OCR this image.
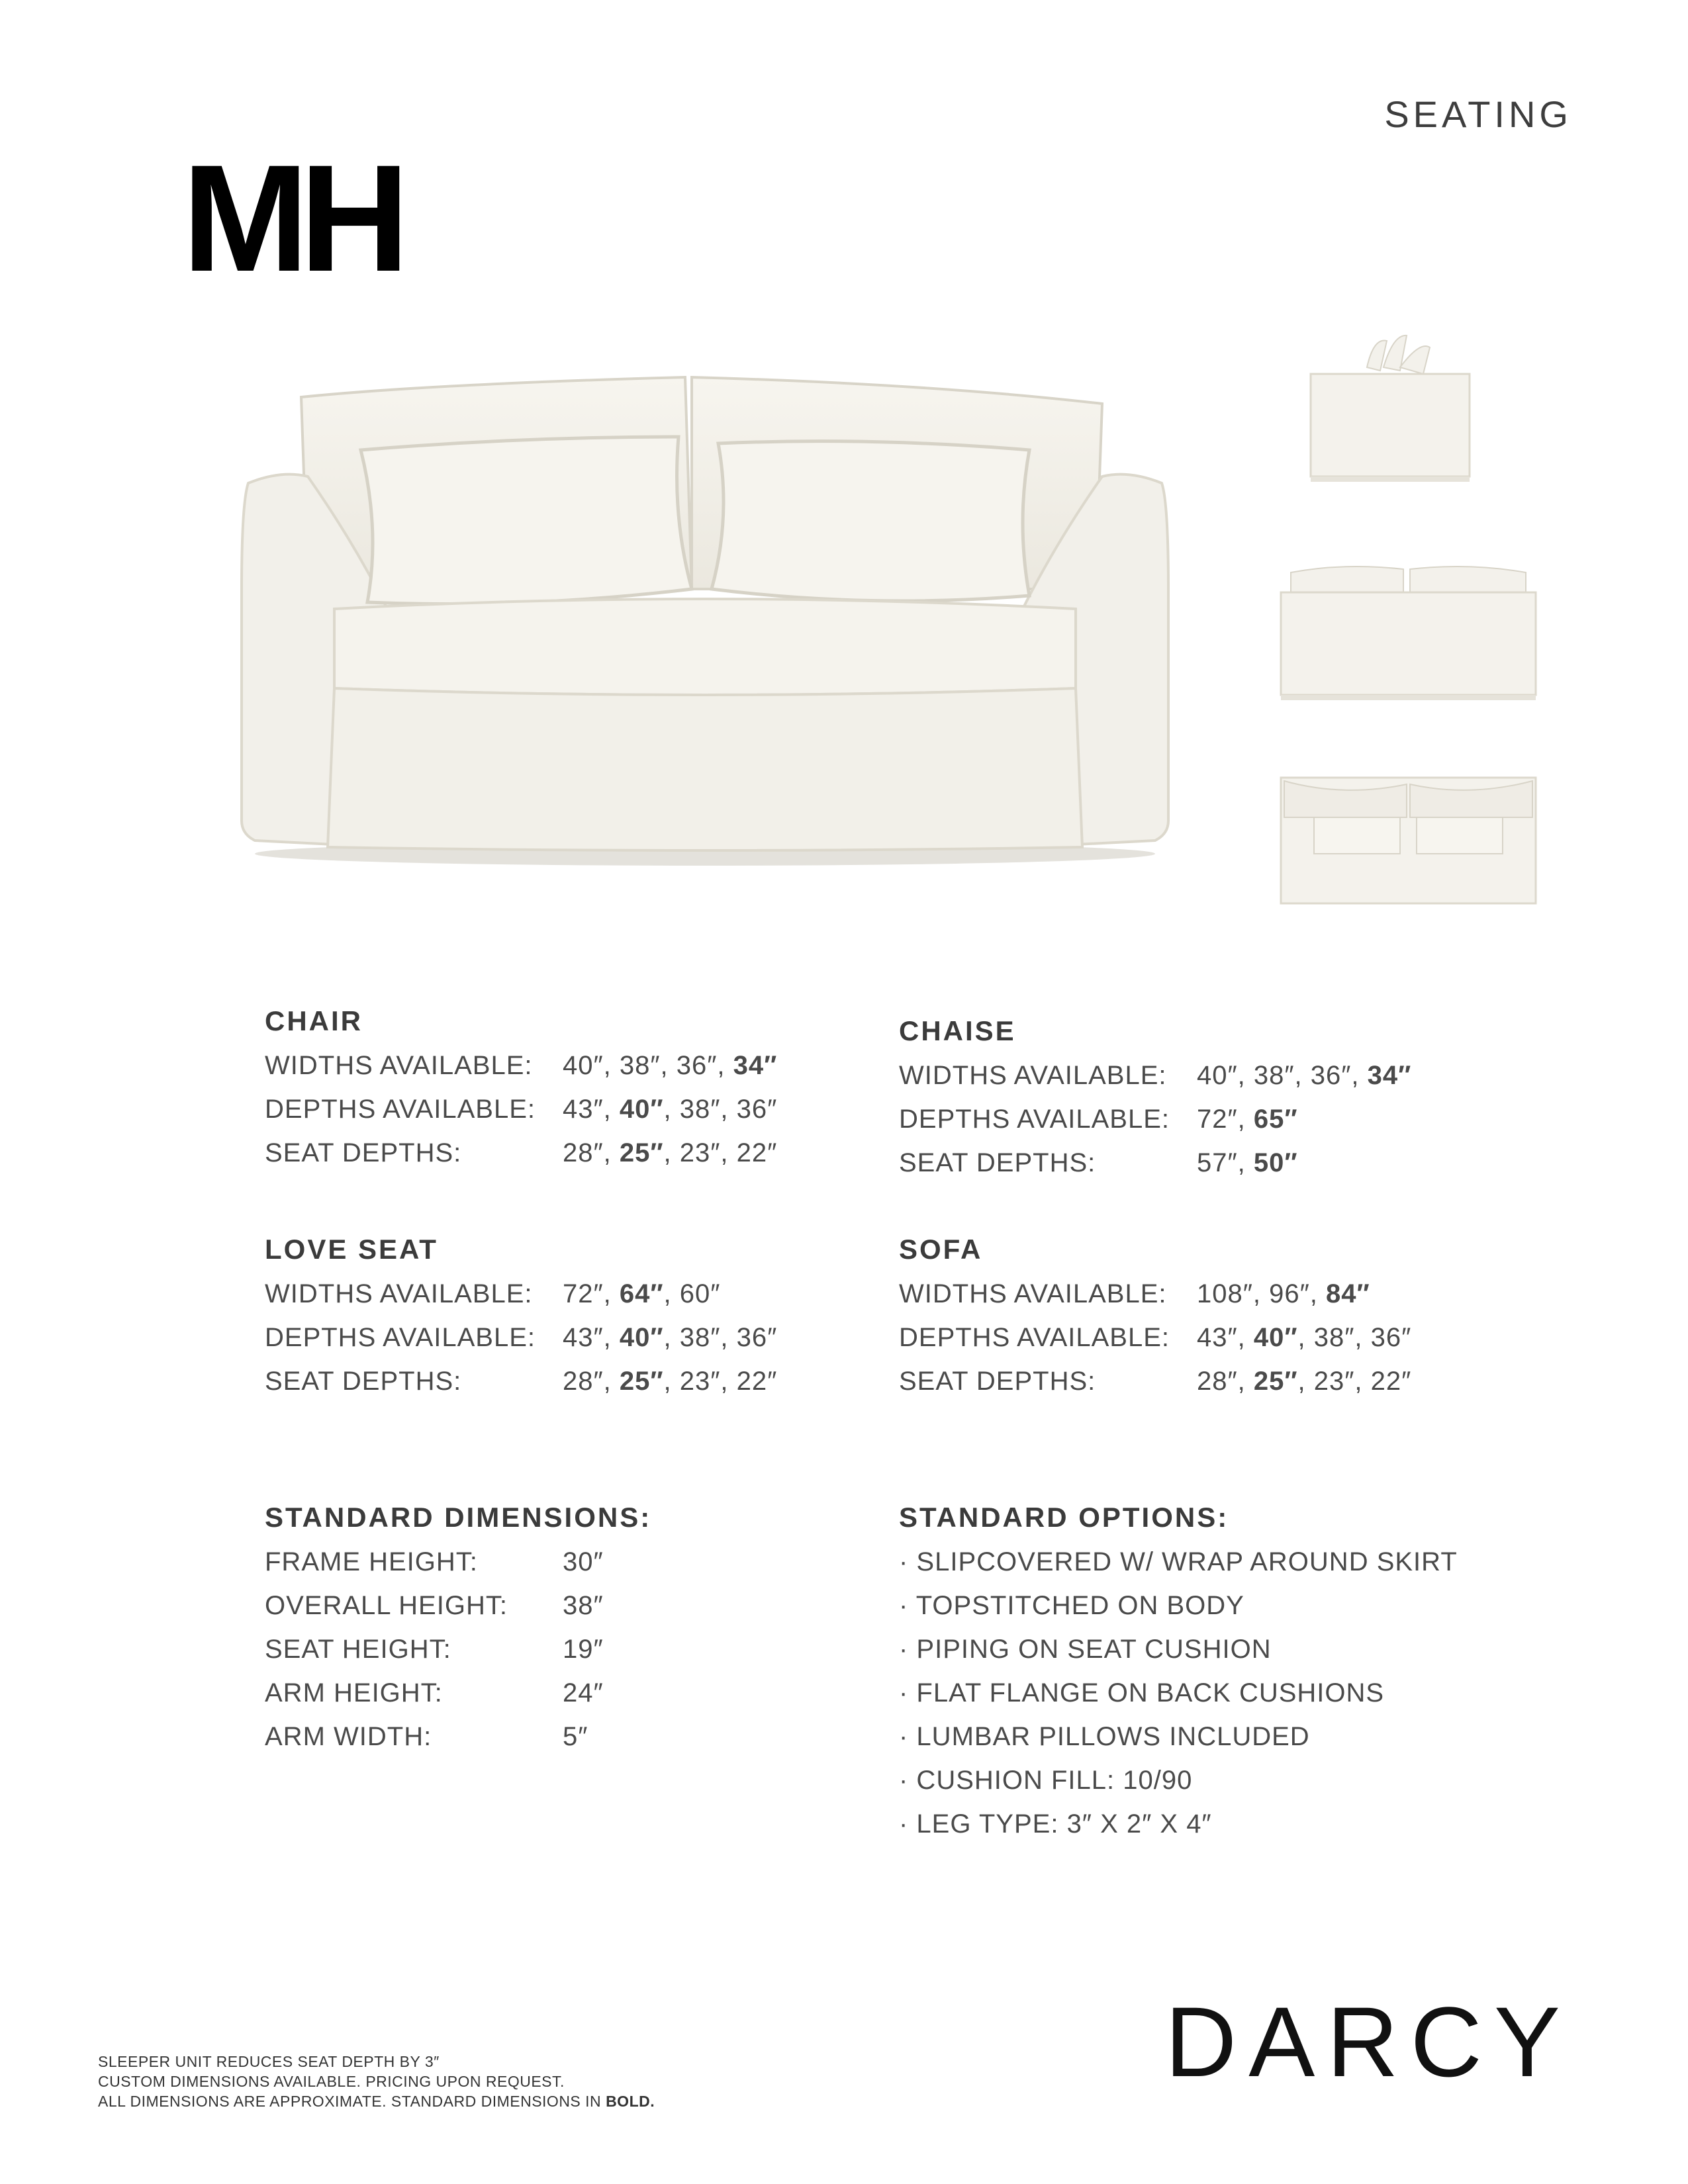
SEATING
MH
CHAIR
WIDTHS AVAILABLE:	40″, 38″, 36″, 34″
DEPTHS AVAILABLE:	43″, 40″, 38″, 36″
SEAT DEPTHS:	28″, 25″, 23″, 22″
CHAISE
WIDTHS AVAILABLE:	40″, 38″, 36″, 34″
DEPTHS AVAILABLE:	72″, 65″
SEAT DEPTHS:	57″, 50″
LOVE SEAT
WIDTHS AVAILABLE:	72″, 64″, 60″
DEPTHS AVAILABLE:	43″, 40″, 38″, 36″
SEAT DEPTHS:	28″, 25″, 23″, 22″
SOFA
WIDTHS AVAILABLE:	108″, 96″, 84″
DEPTHS AVAILABLE:	43″, 40″, 38″, 36″
SEAT DEPTHS:	28″, 25″, 23″, 22″
STANDARD DIMENSIONS:
FRAME HEIGHT:	30″
OVERALL HEIGHT:	38″
SEAT HEIGHT:	19″
ARM HEIGHT:	24″
ARM WIDTH:	5″
STANDARD OPTIONS:
· SLIPCOVERED W/ WRAP AROUND SKIRT
· TOPSTITCHED ON BODY
· PIPING ON SEAT CUSHION
· FLAT FLANGE ON BACK CUSHIONS
· LUMBAR PILLOWS INCLUDED
· CUSHION FILL: 10/90
· LEG TYPE: 3″ X 2″ X 4″
DARCY
SLEEPER UNIT REDUCES SEAT DEPTH BY 3″
CUSTOM DIMENSIONS AVAILABLE. PRICING UPON REQUEST.
ALL DIMENSIONS ARE APPROXIMATE. STANDARD DIMENSIONS IN BOLD.
